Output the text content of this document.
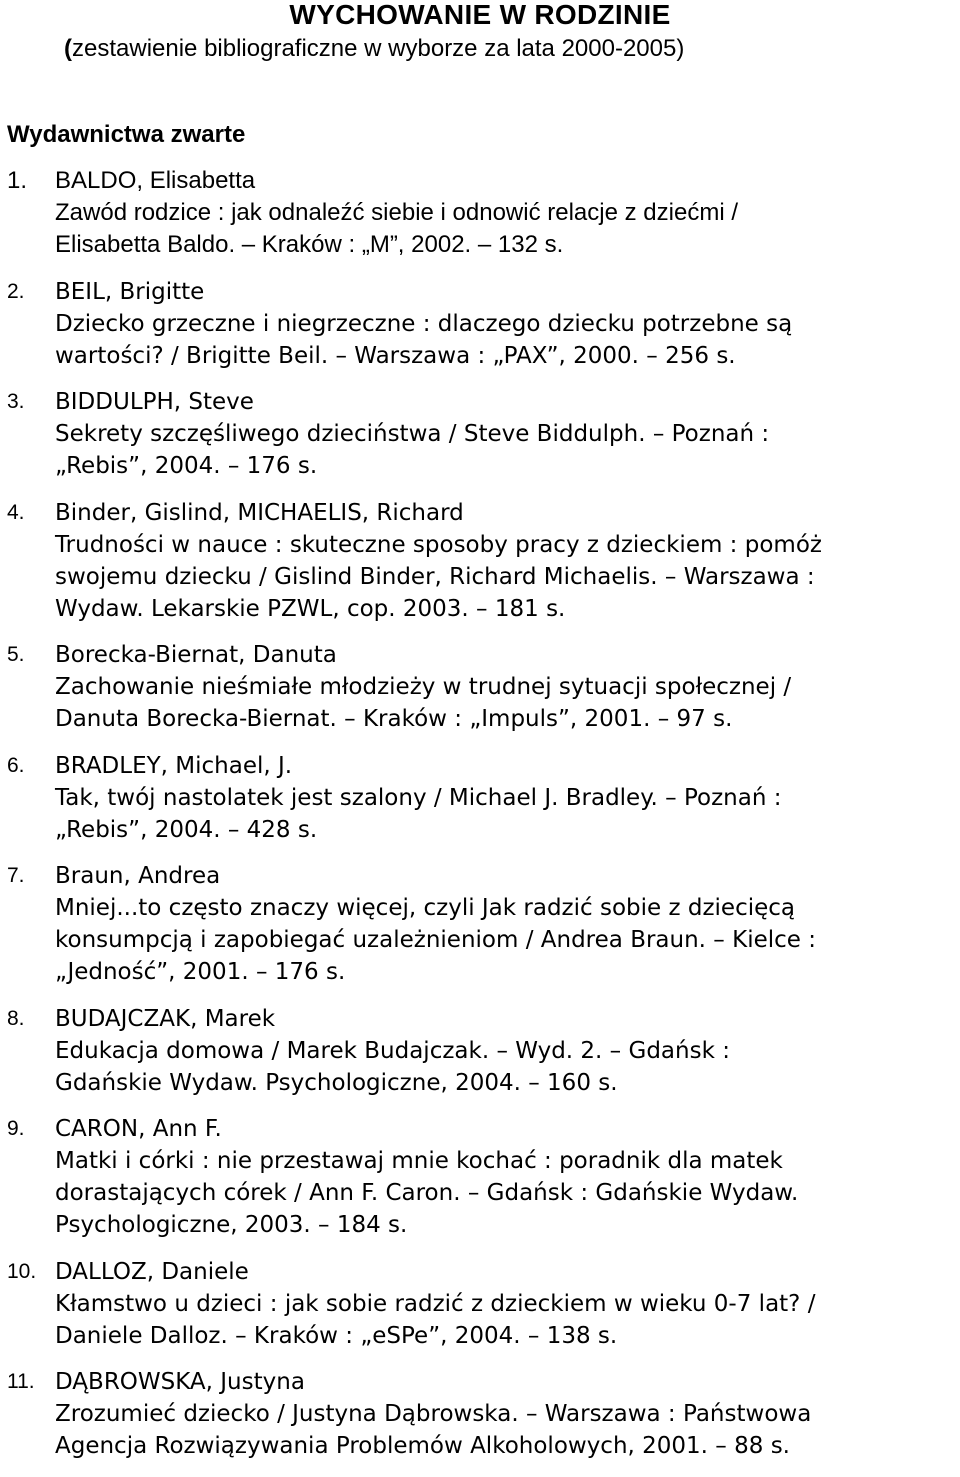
WYCHOWANIE W RODZINIE
(zestawienie bibliograficzne w wyborze za lata 2000-2005)
Wydawnictwa zwarte
1. BALDO, Elisabetta
Zawód rodzice : jak odnaleźć siebie i odnowić relacje z dziećmi /
Elisabetta Baldo. – Kraków : „M”, 2002. – 132 s.
2. BEIL, Brigitte
Dziecko grzeczne i niegrzeczne : dlaczego dziecku potrzebne są
wartości? / Brigitte Beil. – Warszawa : „PAX”, 2000. – 256 s.
3. BIDDULPH, Steve
Sekrety szczęśliwego dzieciństwa / Steve Biddulph. – Poznań :
„Rebis”, 2004. – 176 s.
4. Binder, Gislind, MICHAELIS, Richard
Trudności w nauce : skuteczne sposoby pracy z dzieckiem : pomóż
swojemu dziecku / Gislind Binder, Richard Michaelis. – Warszawa :
Wydaw. Lekarskie PZWL, cop. 2003. – 181 s.
5. Borecka-Biernat, Danuta
Zachowanie nieśmiałe młodzieży w trudnej sytuacji społecznej /
Danuta Borecka-Biernat. – Kraków : „Impuls”, 2001. – 97 s.
6. BRADLEY, Michael, J.
Tak, twój nastolatek jest szalony / Michael J. Bradley. – Poznań :
„Rebis”, 2004. – 428 s.
7. Braun, Andrea
Mniej...to często znaczy więcej, czyli Jak radzić sobie z dziecięcą
konsumpcją i zapobiegać uzależnieniom / Andrea Braun. – Kielce :
„Jedność”, 2001. – 176 s.
8. BUDAJCZAK, Marek
Edukacja domowa / Marek Budajczak. – Wyd. 2. – Gdańsk :
Gdańskie Wydaw. Psychologiczne, 2004. – 160 s.
9. CARON, Ann F.
Matki i córki : nie przestawaj mnie kochać : poradnik dla matek
dorastających córek / Ann F. Caron. – Gdańsk : Gdańskie Wydaw.
Psychologiczne, 2003. – 184 s.
10. DALLOZ, Daniele
Kłamstwo u dzieci : jak sobie radzić z dzieckiem w wieku 0-7 lat? /
Daniele Dalloz. – Kraków : „eSPe”, 2004. – 138 s.
11. DĄBROWSKA, Justyna
Zrozumieć dziecko / Justyna Dąbrowska. – Warszawa : Państwowa
Agencja Rozwiązywania Problemów Alkoholowych, 2001. – 88 s.
